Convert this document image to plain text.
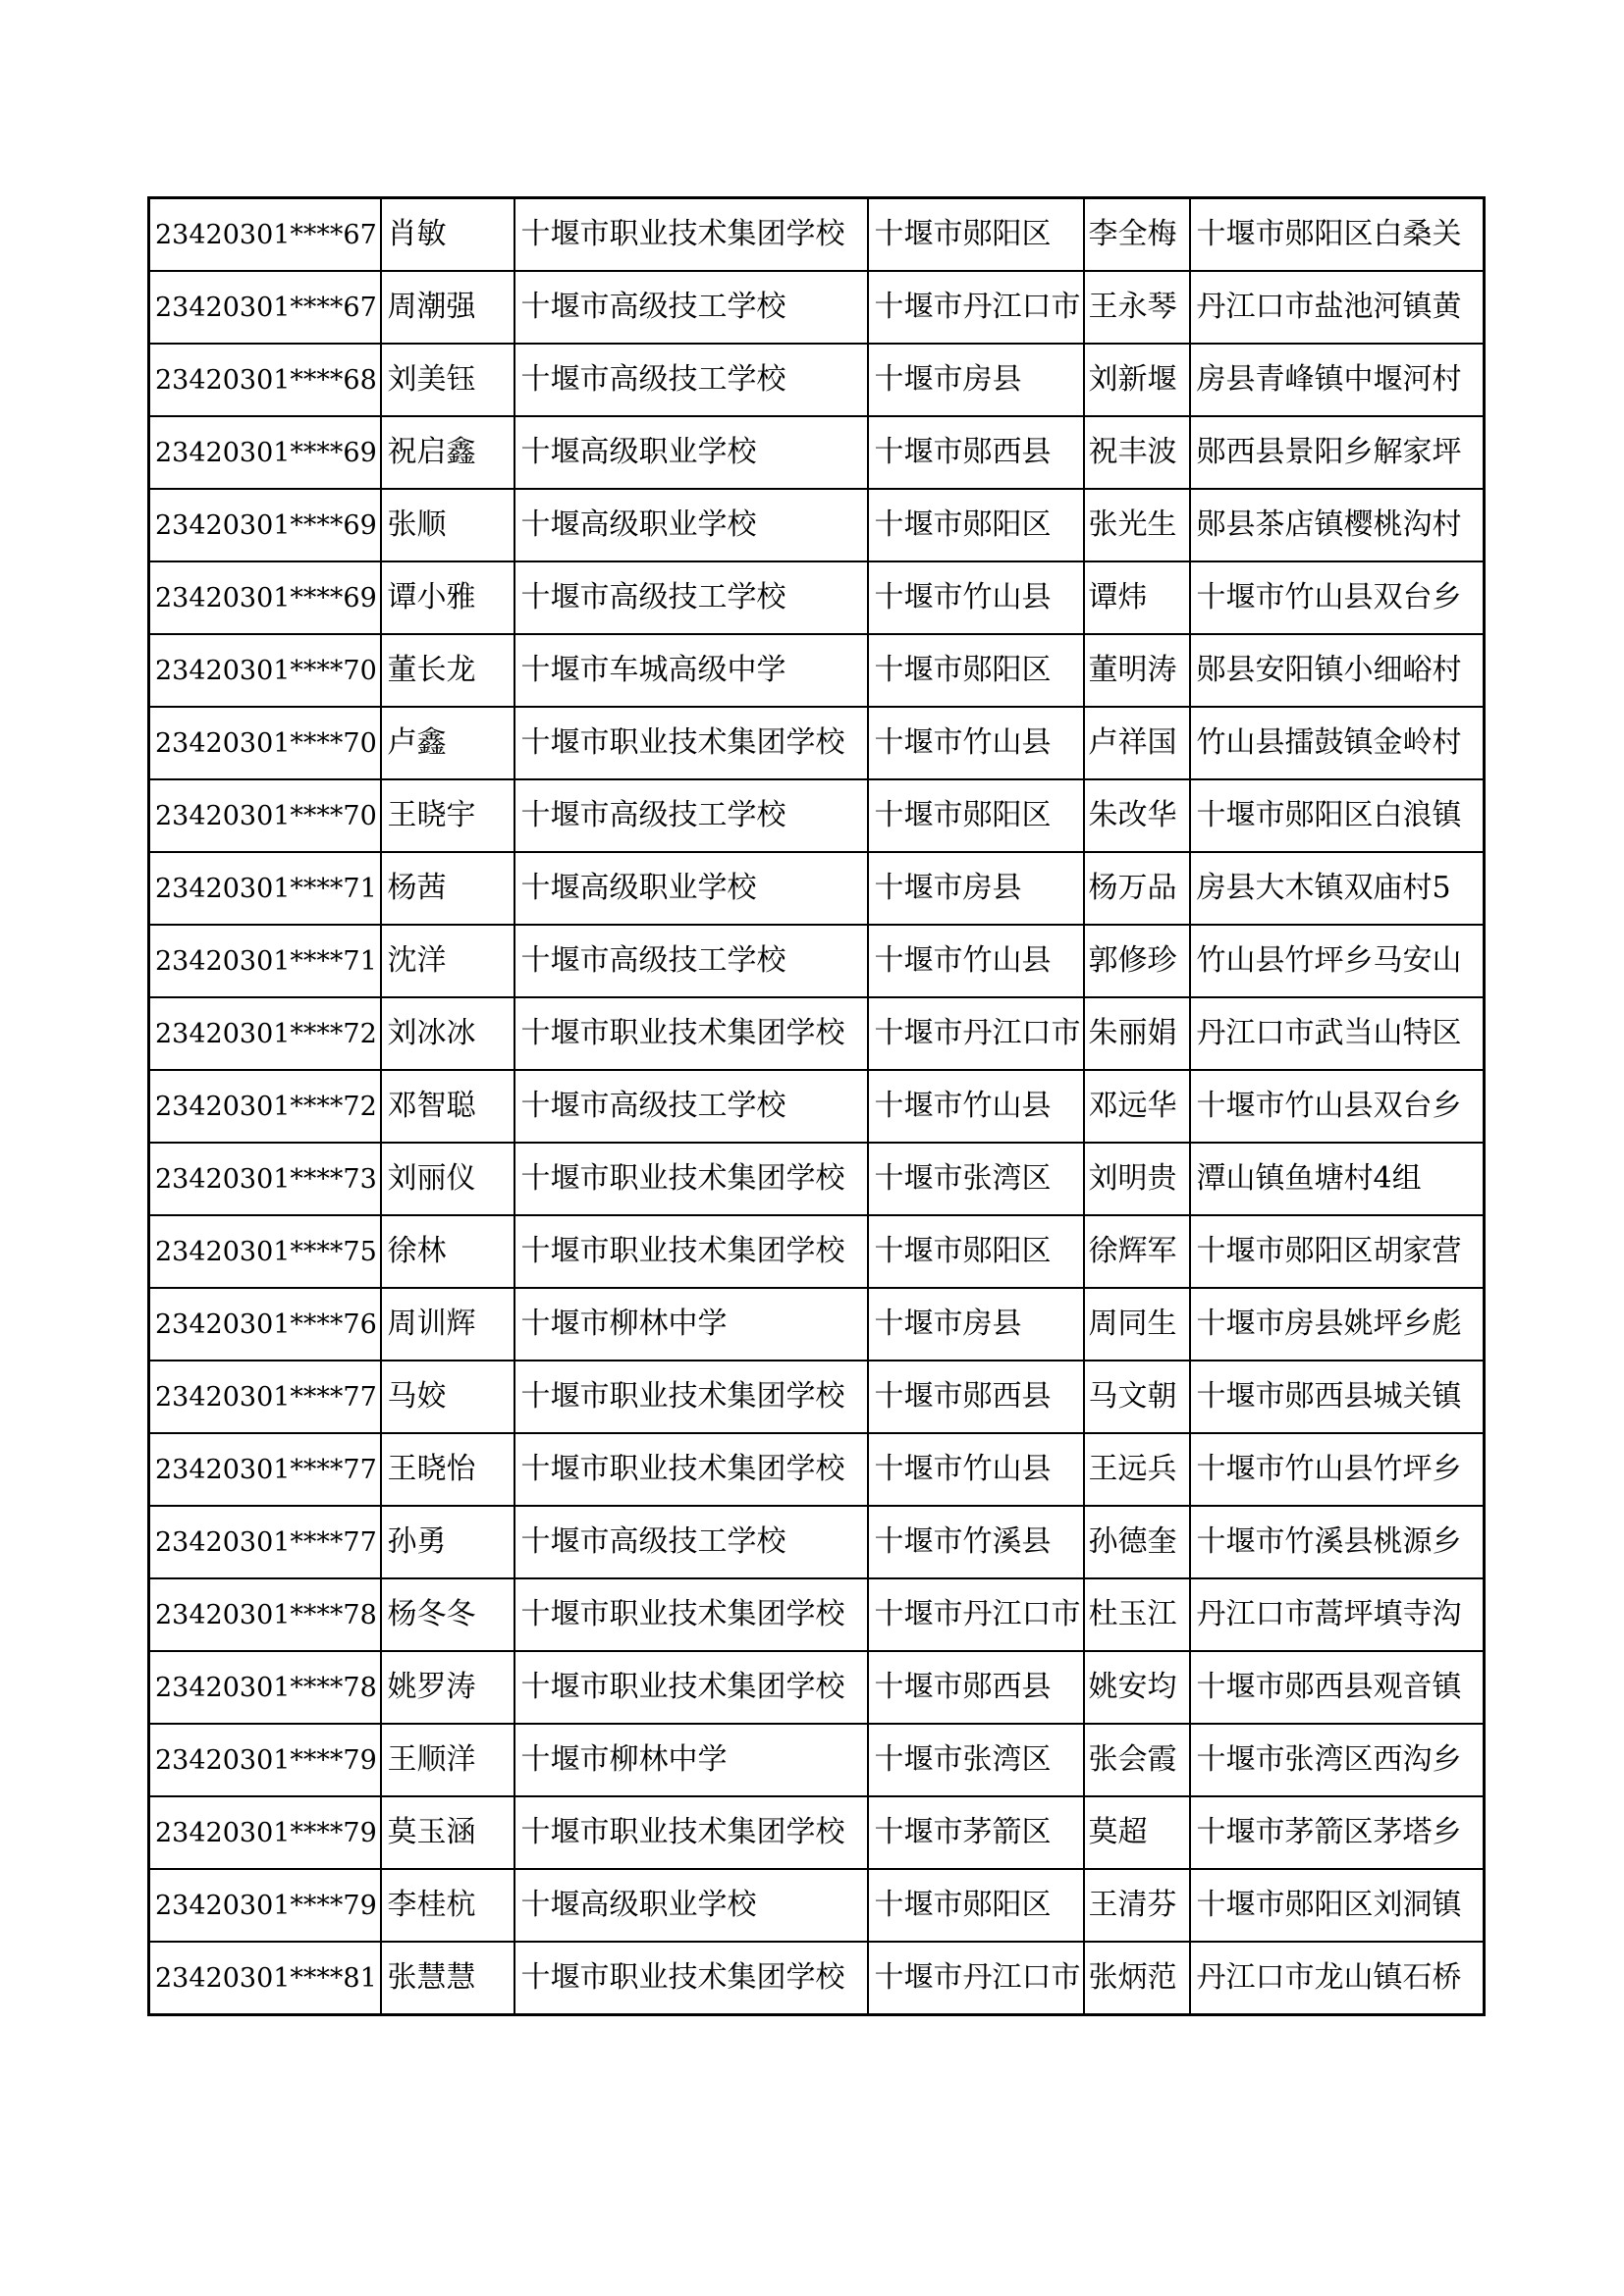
23420301****67	肖敏	十堰市职业技术集团学校	十堰市郧阳区	李全梅	十堰市郧阳区白桑关
23420301****67	周潮强	十堰市高级技工学校	十堰市丹江口市	王永琴	丹江口市盐池河镇黄
23420301****68	刘美钰	十堰市高级技工学校	十堰市房县	刘新堰	房县青峰镇中堰河村
23420301****69	祝启鑫	十堰高级职业学校	十堰市郧西县	祝丰波	郧西县景阳乡解家坪
23420301****69	张顺	十堰高级职业学校	十堰市郧阳区	张光生	郧县茶店镇樱桃沟村
23420301****69	谭小雅	十堰市高级技工学校	十堰市竹山县	谭炜	十堰市竹山县双台乡
23420301****70	董长龙	十堰市车城高级中学	十堰市郧阳区	董明涛	郧县安阳镇小细峪村
23420301****70	卢鑫	十堰市职业技术集团学校	十堰市竹山县	卢祥国	竹山县擂鼓镇金岭村
23420301****70	王晓宇	十堰市高级技工学校	十堰市郧阳区	朱改华	十堰市郧阳区白浪镇
23420301****71	杨茜	十堰高级职业学校	十堰市房县	杨万品	房县大木镇双庙村5
23420301****71	沈洋	十堰市高级技工学校	十堰市竹山县	郭修珍	竹山县竹坪乡马安山
23420301****72	刘冰冰	十堰市职业技术集团学校	十堰市丹江口市	朱丽娟	丹江口市武当山特区
23420301****72	邓智聪	十堰市高级技工学校	十堰市竹山县	邓远华	十堰市竹山县双台乡
23420301****73	刘丽仪	十堰市职业技术集团学校	十堰市张湾区	刘明贵	潭山镇鱼塘村4组
23420301****75	徐林	十堰市职业技术集团学校	十堰市郧阳区	徐辉军	十堰市郧阳区胡家营
23420301****76	周训辉	十堰市柳林中学	十堰市房县	周同生	十堰市房县姚坪乡彪
23420301****77	马姣	十堰市职业技术集团学校	十堰市郧西县	马文朝	十堰市郧西县城关镇
23420301****77	王晓怡	十堰市职业技术集团学校	十堰市竹山县	王远兵	十堰市竹山县竹坪乡
23420301****77	孙勇	十堰市高级技工学校	十堰市竹溪县	孙德奎	十堰市竹溪县桃源乡
23420301****78	杨冬冬	十堰市职业技术集团学校	十堰市丹江口市	杜玉江	丹江口市蒿坪填寺沟
23420301****78	姚罗涛	十堰市职业技术集团学校	十堰市郧西县	姚安均	十堰市郧西县观音镇
23420301****79	王顺洋	十堰市柳林中学	十堰市张湾区	张会霞	十堰市张湾区西沟乡
23420301****79	莫玉涵	十堰市职业技术集团学校	十堰市茅箭区	莫超	十堰市茅箭区茅塔乡
23420301****79	李桂杭	十堰高级职业学校	十堰市郧阳区	王清芬	十堰市郧阳区刘洞镇
23420301****81	张慧慧	十堰市职业技术集团学校	十堰市丹江口市	张炳范	丹江口市龙山镇石桥
